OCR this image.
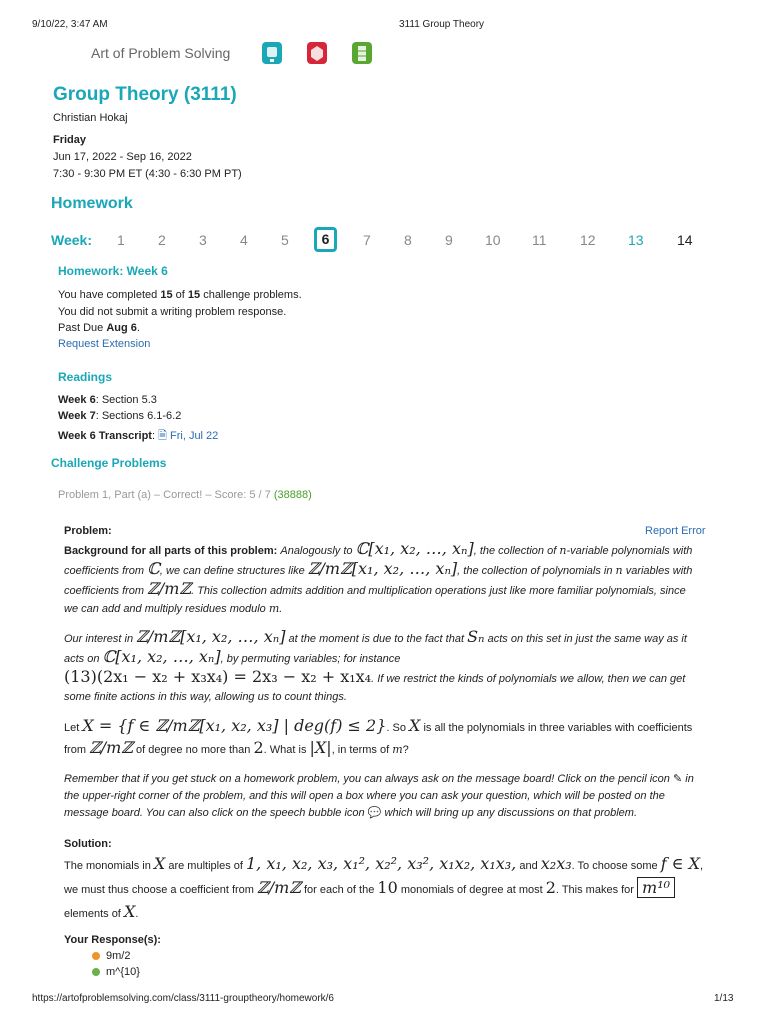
9/10/22, 3:47 AM	3111 Group Theory
Art of Problem Solving
Group Theory (3111)
Christian Hokaj
Friday
Jun 17, 2022 - Sep 16, 2022
7:30 - 9:30 PM ET (4:30 - 6:30 PM PT)
Homework
Week: 1 2 3 4 5	6	7 8 9 10 11 12 13 14
Homework: Week 6
You have completed 15 of 15 challenge problems.
You did not submit a writing problem response.
Past Due Aug 6.
Request Extension
Readings
Week 6: Section 5.3
Week 7: Sections 6.1-6.2
Week 6 Transcript: 🗎 Fri, Jul 22
Challenge Problems
Problem 1, Part (a) – Correct! – Score: 5 / 7 (38888)
Problem:	Report Error
Background for all parts of this problem: Analogously to ℂ[x₁, x₂, …, xₙ], the collection of n-variable polynomials with
coefficients from ℂ, we can define structures like ℤ/mℤ[x₁, x₂, …, xₙ], the collection of polynomials in n variables with
coefficients from ℤ/mℤ. This collection admits addition and multiplication operations just like more familiar polynomials, since
we can add and multiply residues modulo m.
Our interest in ℤ/mℤ[x₁, x₂, …, xₙ] at the moment is due to the fact that Sₙ acts on this set in just the same way as it
acts on ℂ[x₁, x₂, …, xₙ], by permuting variables; for instance
(13)(2x₁ − x₂ + x₃x₄) = 2x₃ − x₂ + x₁x₄. If we restrict the kinds of polynomials we allow, then we can get
some finite actions in this way, allowing us to count things.
Let X = {f ∈ ℤ/mℤ[x₁, x₂, x₃] | deg(f) ≤ 2}. So X is all the polynomials in three variables with coefficients
from ℤ/mℤ of degree no more than 2. What is |X|, in terms of m?
Remember that if you get stuck on a homework problem, you can always ask on the message board! Click on the pencil icon ✎ in
the upper-right corner of the problem, and this will open a box where you can ask your question, which will be posted on the
message board. You can also click on the speech bubble icon 💬 which will bring up any discussions on that problem.
Solution:
The monomials in X are multiples of 1, x₁, x₂, x₃, x₁², x₂², x₃², x₁x₂, x₁x₃, and x₂x₃. To choose some f ∈ X,
we must thus choose a coefficient from ℤ/mℤ for each of the 10 monomials of degree at most 2. This makes for m¹⁰
elements of X.
Your Response(s):
9m/2
m^{10}
https://artofproblemsolving.com/class/3111-grouptheory/homework/6	1/13
